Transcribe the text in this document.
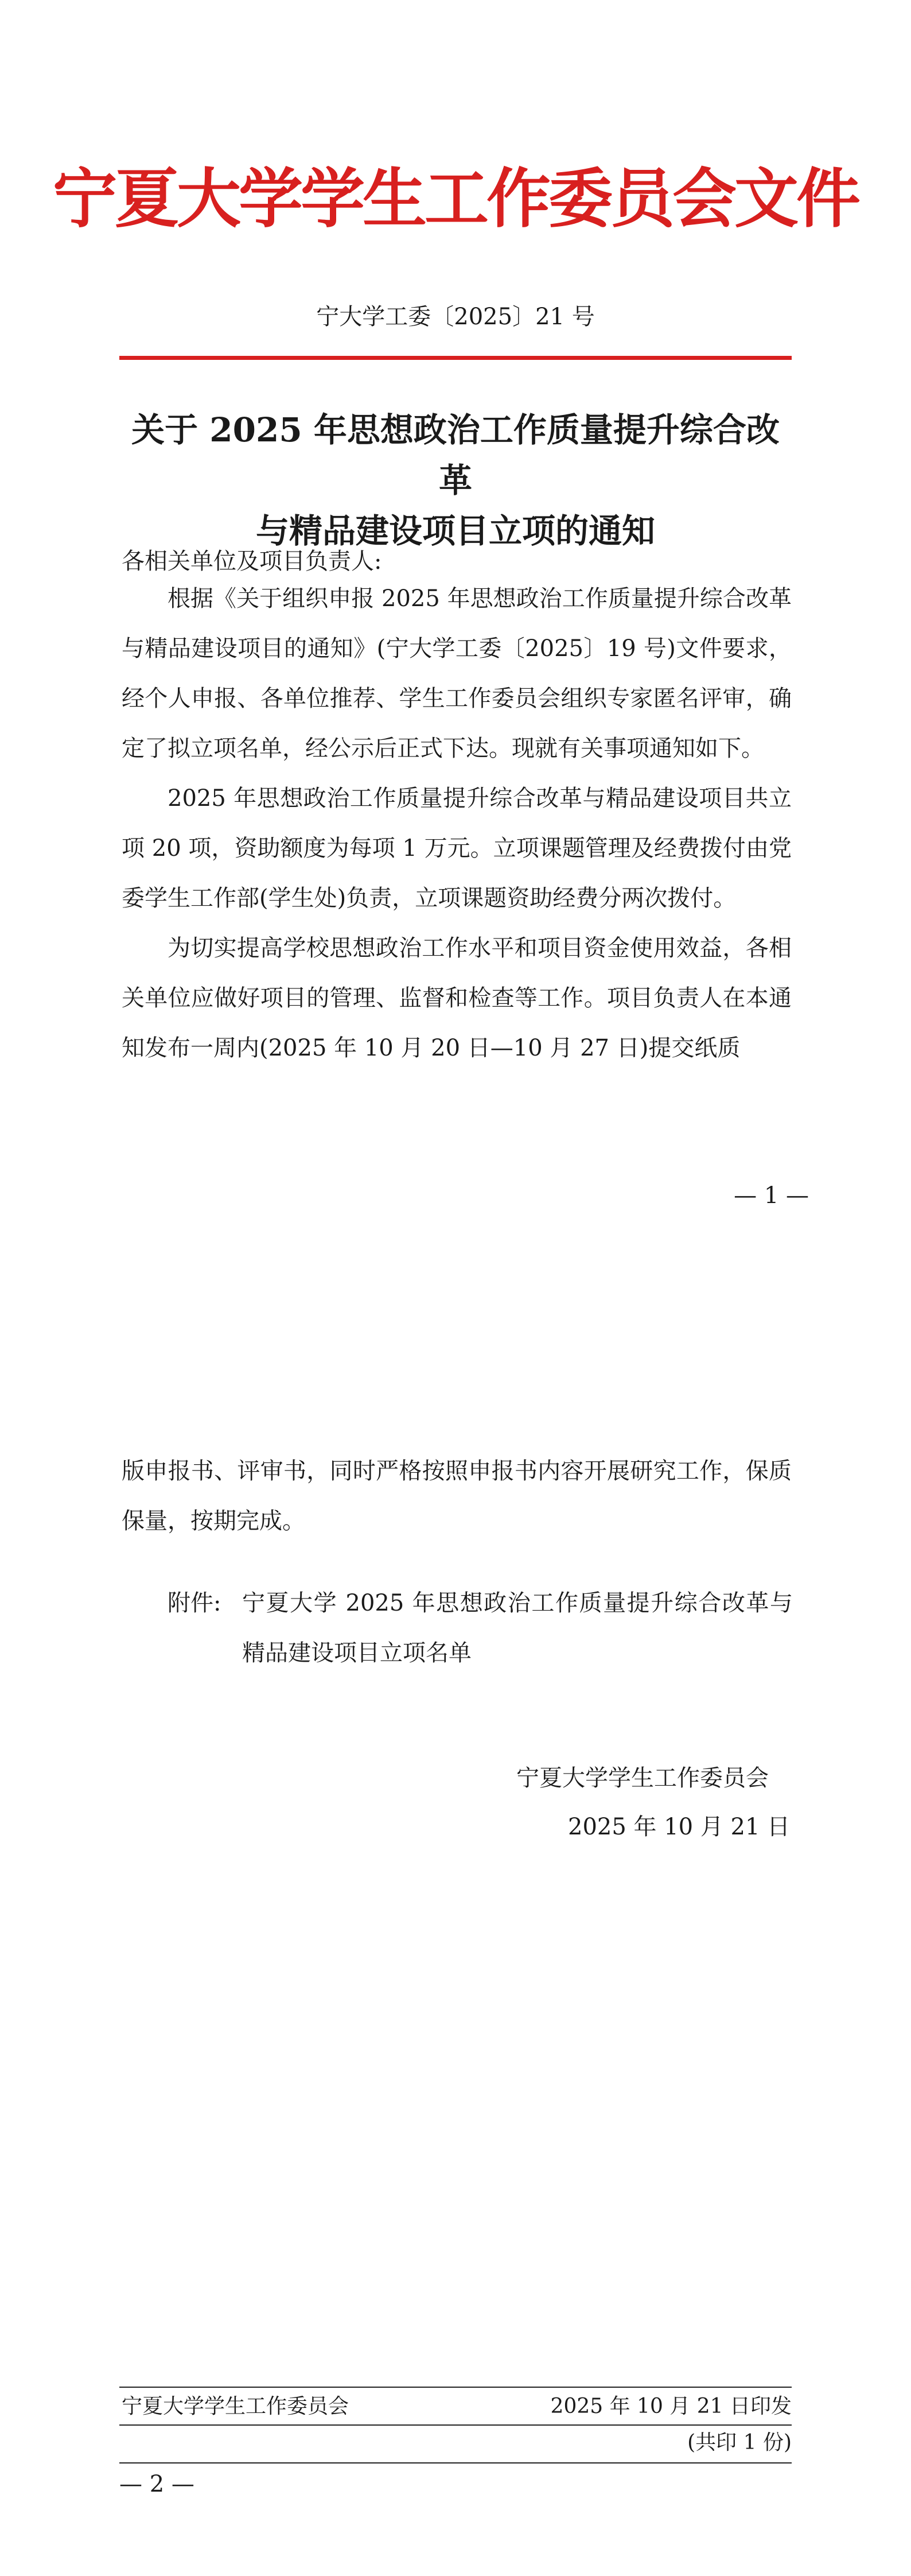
宁夏大学学生工作委员会文件
宁大学工委〔2025〕21 号
关于 2025 年思想政治工作质量提升综合改革
与精品建设项目立项的通知
各相关单位及项目负责人:

根据《关于组织申报 2025 年思想政治工作质量提升综合改革与精品建设项目的通知》(宁大学工委〔2025〕19 号)文件要求，经个人申报、各单位推荐、学生工作委员会组织专家匿名评审，确定了拟立项名单，经公示后正式下达。现就有关事项通知如下。

2025 年思想政治工作质量提升综合改革与精品建设项目共立项 20 项，资助额度为每项 1 万元。立项课题管理及经费拨付由党委学生工作部(学生处)负责，立项课题资助经费分两次拨付。

为切实提高学校思想政治工作水平和项目资金使用效益，各相关单位应做好项目的管理、监督和检查等工作。项目负责人在本通知发布一周内(2025 年 10 月 20 日—10 月 27 日)提交纸质

— 1 —
版申报书、评审书，同时严格按照申报书内容开展研究工作，保质保量，按期完成。
附件: 宁夏大学 2025 年思想政治工作质量提升综合改革与精品建设项目立项名单
宁夏大学学生工作委员会
2025 年 10 月 21 日
宁夏大学学生工作委员会	2025 年 10 月 21 日印发
(共印 1 份)
— 2 —
